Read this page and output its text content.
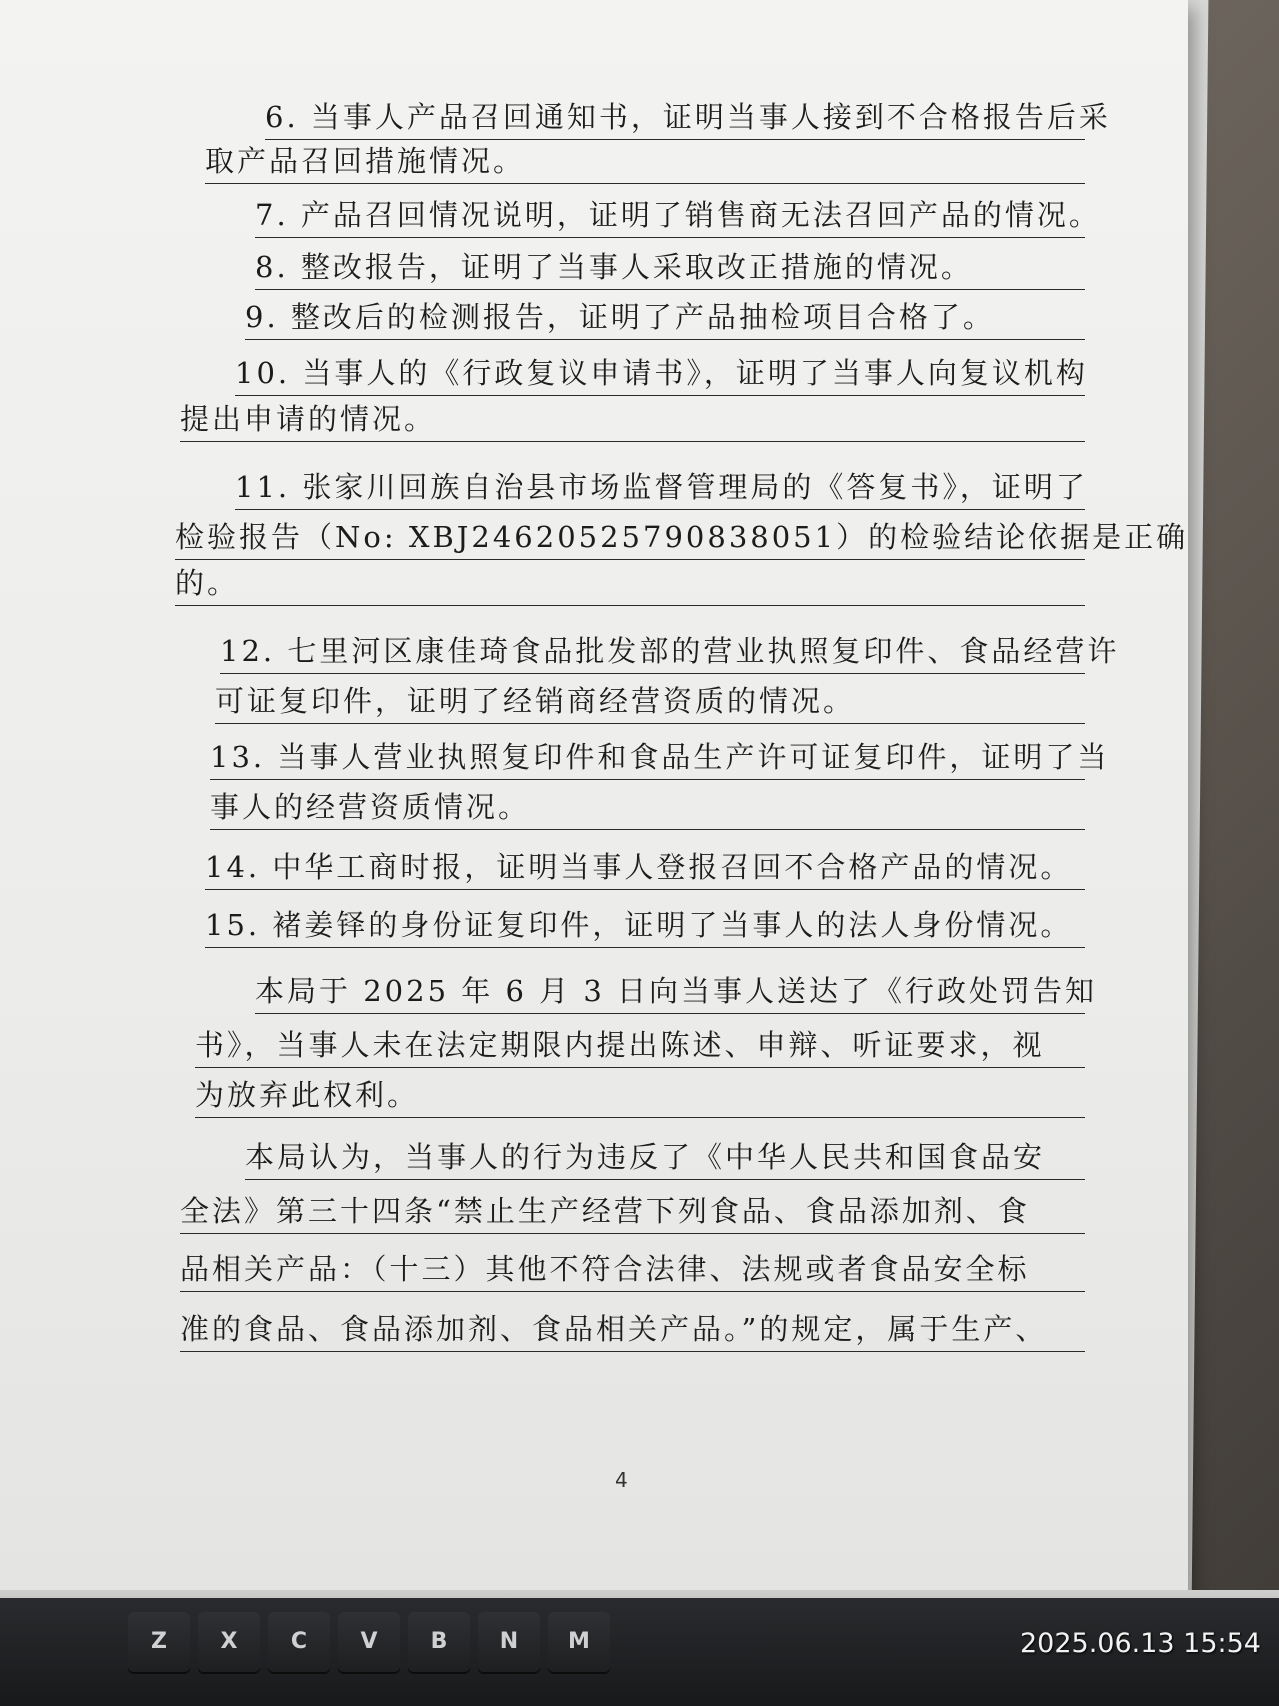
6. 当事人产品召回通知书，证明当事人接到不合格报告后采
取产品召回措施情况。
7. 产品召回情况说明，证明了销售商无法召回产品的情况。
8. 整改报告，证明了当事人采取改正措施的情况。
9. 整改后的检测报告，证明了产品抽检项目合格了。
10. 当事人的《行政复议申请书》，证明了当事人向复议机构
提出申请的情况。
11. 张家川回族自治县市场监督管理局的《答复书》，证明了
检验报告（No: XBJ24620525790838051）的检验结论依据是正确
的。
12. 七里河区康佳琦食品批发部的营业执照复印件、食品经营许
可证复印件，证明了经销商经营资质的情况。
13. 当事人营业执照复印件和食品生产许可证复印件，证明了当
事人的经营资质情况。
14. 中华工商时报，证明当事人登报召回不合格产品的情况。
15. 褚姜铎的身份证复印件，证明了当事人的法人身份情况。
本局于 2025 年 6 月 3 日向当事人送达了《行政处罚告知
书》，当事人未在法定期限内提出陈述、申辩、听证要求，视
为放弃此权利。
本局认为，当事人的行为违反了《中华人民共和国食品安
全法》第三十四条“禁止生产经营下列食品、食品添加剂、食
品相关产品：（十三）其他不符合法律、法规或者食品安全标
准的食品、食品添加剂、食品相关产品。”的规定，属于生产、
4
Z	X	C	V	B	N	M	2025.06.13 15:54
